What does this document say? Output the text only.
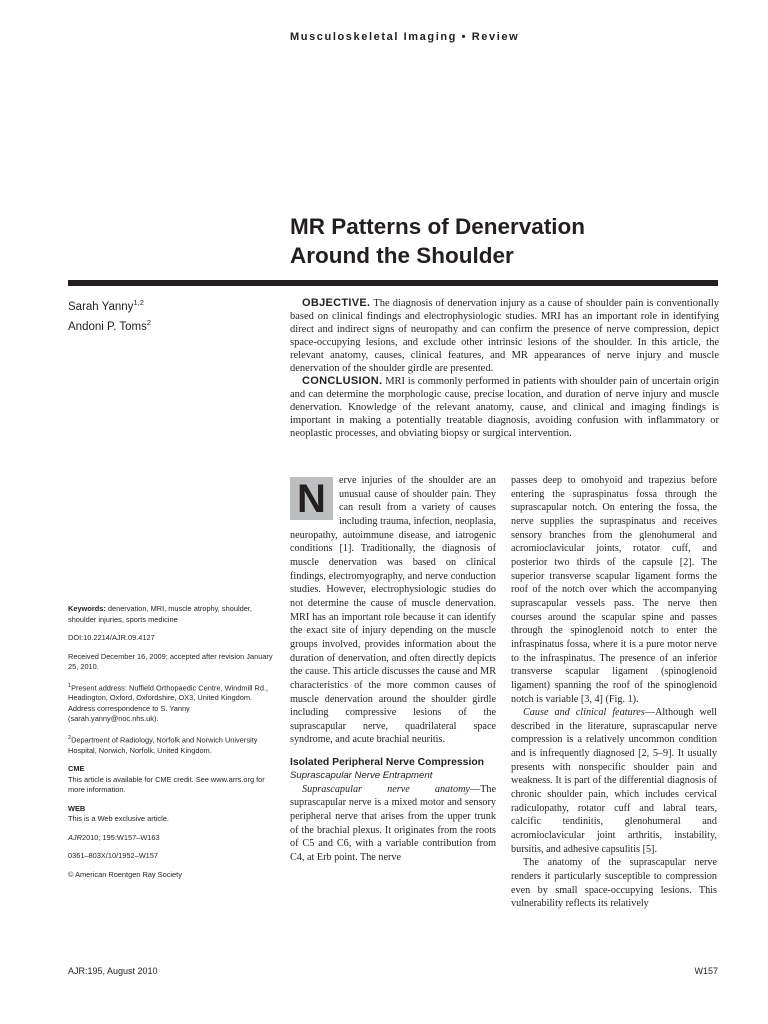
Musculoskeletal Imaging • Review
MR Patterns of Denervation
Around the Shoulder
Sarah Yanny$^{1,2}$
Andoni P. Toms$^2$

OBJECTIVE. The diagnosis of denervation injury as a cause of shoulder pain is conventionally based on clinical findings and electrophysiologic studies. MRI has an important role in identifying direct and indirect signs of neuropathy and can confirm the presence of nerve compression, depict space-occupying lesions, and exclude other intrinsic lesions of the shoulder. In this article, the relevant anatomy, causes, clinical features, and MR appearances of nerve injury and muscle denervation of the shoulder girdle are presented.

CONCLUSION. MRI is commonly performed in patients with shoulder pain of uncertain origin and can determine the morphologic cause, precise location, and duration of nerve injury and muscle denervation. Knowledge of the relevant anatomy, cause, and clinical and imaging findings is important in making a potentially treatable diagnosis, avoiding confusion with inflammatory or neoplastic processes, and obviating biopsy or surgical intervention.

Keywords: denervation, MRI, muscle atrophy, shoulder, shoulder injuries, sports medicine

DOI:10.2214/AJR.09.4127

Received December 16, 2009; accepted after revision January 25, 2010.

$^1$Present address: Nuffield Orthopaedic Centre, Windmill Rd., Headington, Oxford, Oxfordshire, OX3, United Kingdom. Address correspondence to S. Yanny (sarah.yanny@noc.nhs.uk).

$^2$Department of Radiology, Norfolk and Norwich University Hospital, Norwich, Norfolk, United Kingdom.

CME
This article is available for CME credit. See www.arrs.org for more information.

WEB
This is a Web exclusive article.

AJR2010; 195:W157–W163

0361–803X/10/1952–W157

© American Roentgen Ray Society

N	erve injuries of the shoulder are an unusual cause of shoulder pain. They can result from a variety of causes including trauma, infection, neoplasia, neuropathy, autoimmune disease, and iatrogenic conditions [1]. Traditionally, the diagnosis of muscle denervation was based on clinical findings, electromyography, and nerve conduction studies. However, electrophysiologic studies do not determine the cause of muscle denervation. MRI has an important role because it can identify the exact site of injury depending on the muscle groups involved, provides information about the duration of denervation, and often directly depicts the cause. This article discusses the cause and MR characteristics of the more common causes of muscle denervation around the shoulder girdle including compressive lesions of the suprascapular nerve, quadrilateral space syndrome, and acute brachial neuritis.

Isolated Peripheral Nerve Compression
Suprascapular Nerve Entrapment

Suprascapular nerve anatomy—The suprascapular nerve is a mixed motor and sensory peripheral nerve that arises from the upper trunk of the brachial plexus. It originates from the roots of C5 and C6, with a variable contribution from C4, at Erb point. The nerve

passes deep to omohyoid and trapezius before entering the supraspinatus fossa through the suprascapular notch. On entering the fossa, the nerve supplies the supraspinatus and receives sensory branches from the glenohumeral and acromioclavicular joints, rotator cuff, and posterior two thirds of the capsule [2]. The superior transverse scapular ligament forms the roof of the notch over which the accompanying suprascapular vessels pass. The nerve then courses around the scapular spine and passes through the spinoglenoid notch to enter the infraspinatus fossa, where it is a pure motor nerve to the infraspinatus. The presence of an inferior transverse scapular ligament (spinoglenoid ligament) spanning the roof of the spinoglenoid notch is variable [3, 4] (Fig. 1).

Cause and clinical features—Although well described in the literature, suprascapular nerve compression is a relatively uncommon condition and is infrequently diagnosed [2, 5–9]. It usually presents with nonspecific shoulder pain and weakness. It is part of the differential diagnosis of chronic shoulder pain, which includes cervical radiculopathy, rotator cuff and labral tears, calcific tendinitis, glenohumeral and acromioclavicular joint arthritis, instability, bursitis, and adhesive capsulitis [5].

The anatomy of the suprascapular nerve renders it particularly susceptible to compression even by small space-occupying lesions. This vulnerability reflects its relatively

AJR:195, August 2010	W157
